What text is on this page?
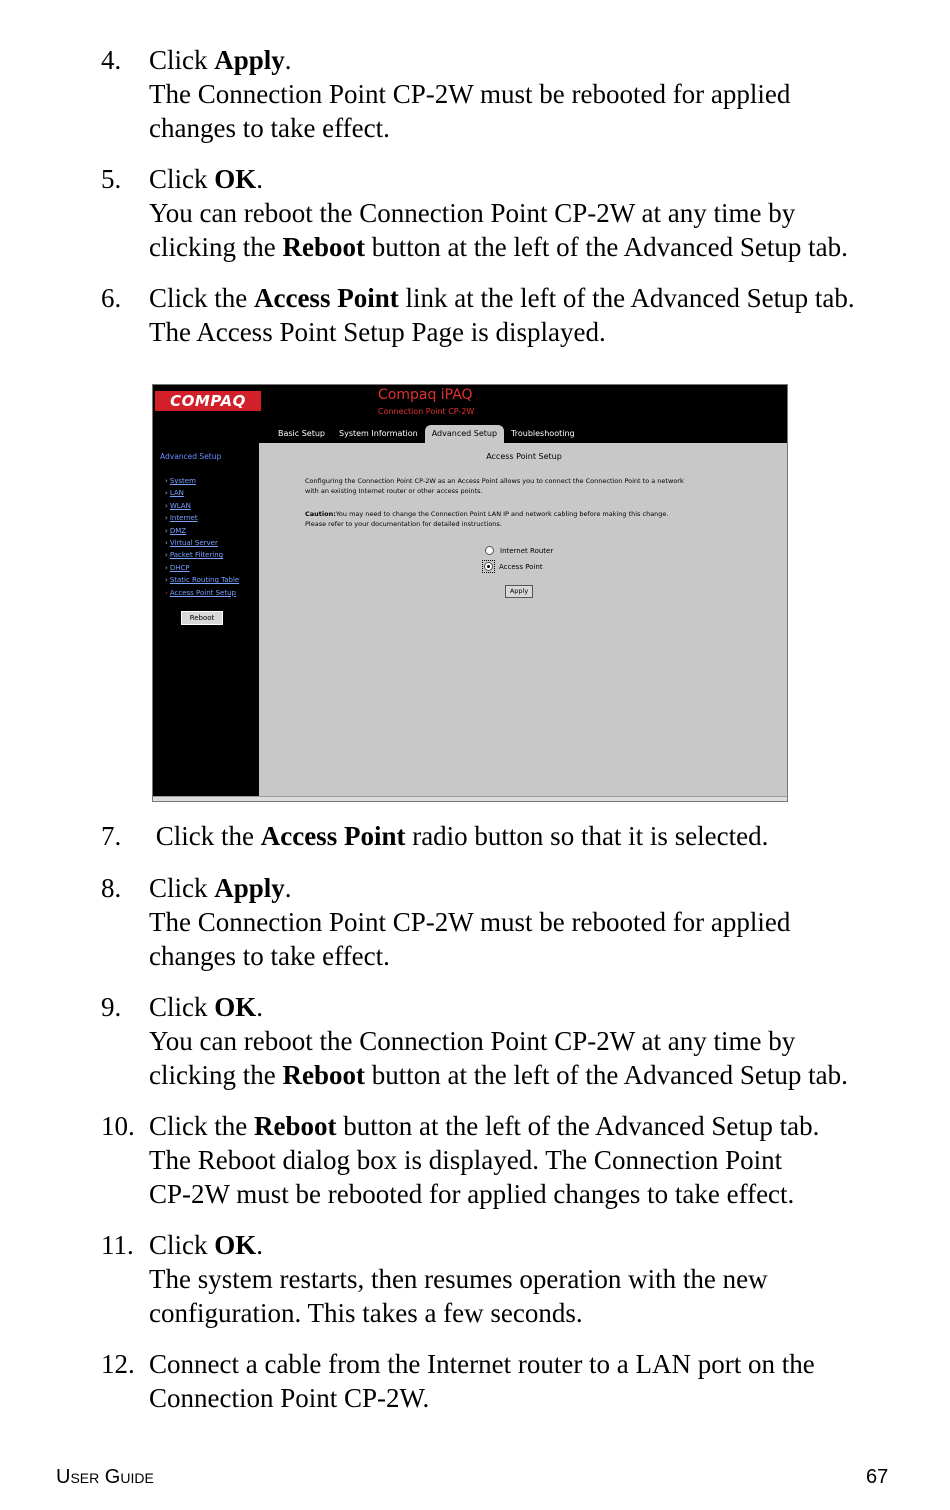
4. Click Apply.
The Connection Point CP-2W must be rebooted for applied
changes to take effect.
5. Click OK.
You can reboot the Connection Point CP-2W at any time by
clicking the Reboot button at the left of the Advanced Setup tab.
6. Click the Access Point link at the left of the Advanced Setup tab.
The Access Point Setup Page is displayed.
COMPAQ	Compaq iPAQ
Connection Point CP-2W
Basic Setup	System Information	Advanced Setup	Troubleshooting
Advanced Setup
› System
› LAN
› WLAN
› Internet
› DMZ
› Virtual Server
› Packet Filtering
› DHCP
› Static Routing Table
› Access Point Setup
Reboot
Access Point Setup
Configuring the Connection Point CP-2W as an Access Point allows you to connect the Connection Point to a network
with an existing Internet router or other access points.
Caution:You may need to change the Connection Point LAN IP and network cabling before making this change.
Please refer to your documentation for detailed instructions.
Internet Router
Access Point
Apply
7. Click the Access Point radio button so that it is selected.
8. Click Apply.
The Connection Point CP-2W must be rebooted for applied
changes to take effect.
9. Click OK.
You can reboot the Connection Point CP-2W at any time by
clicking the Reboot button at the left of the Advanced Setup tab.
10. Click the Reboot button at the left of the Advanced Setup tab.
The Reboot dialog box is displayed. The Connection Point
CP-2W must be rebooted for applied changes to take effect.
11. Click OK.
The system restarts, then resumes operation with the new
configuration. This takes a few seconds.
12. Connect a cable from the Internet router to a LAN port on the
Connection Point CP-2W.
User Guide	67
